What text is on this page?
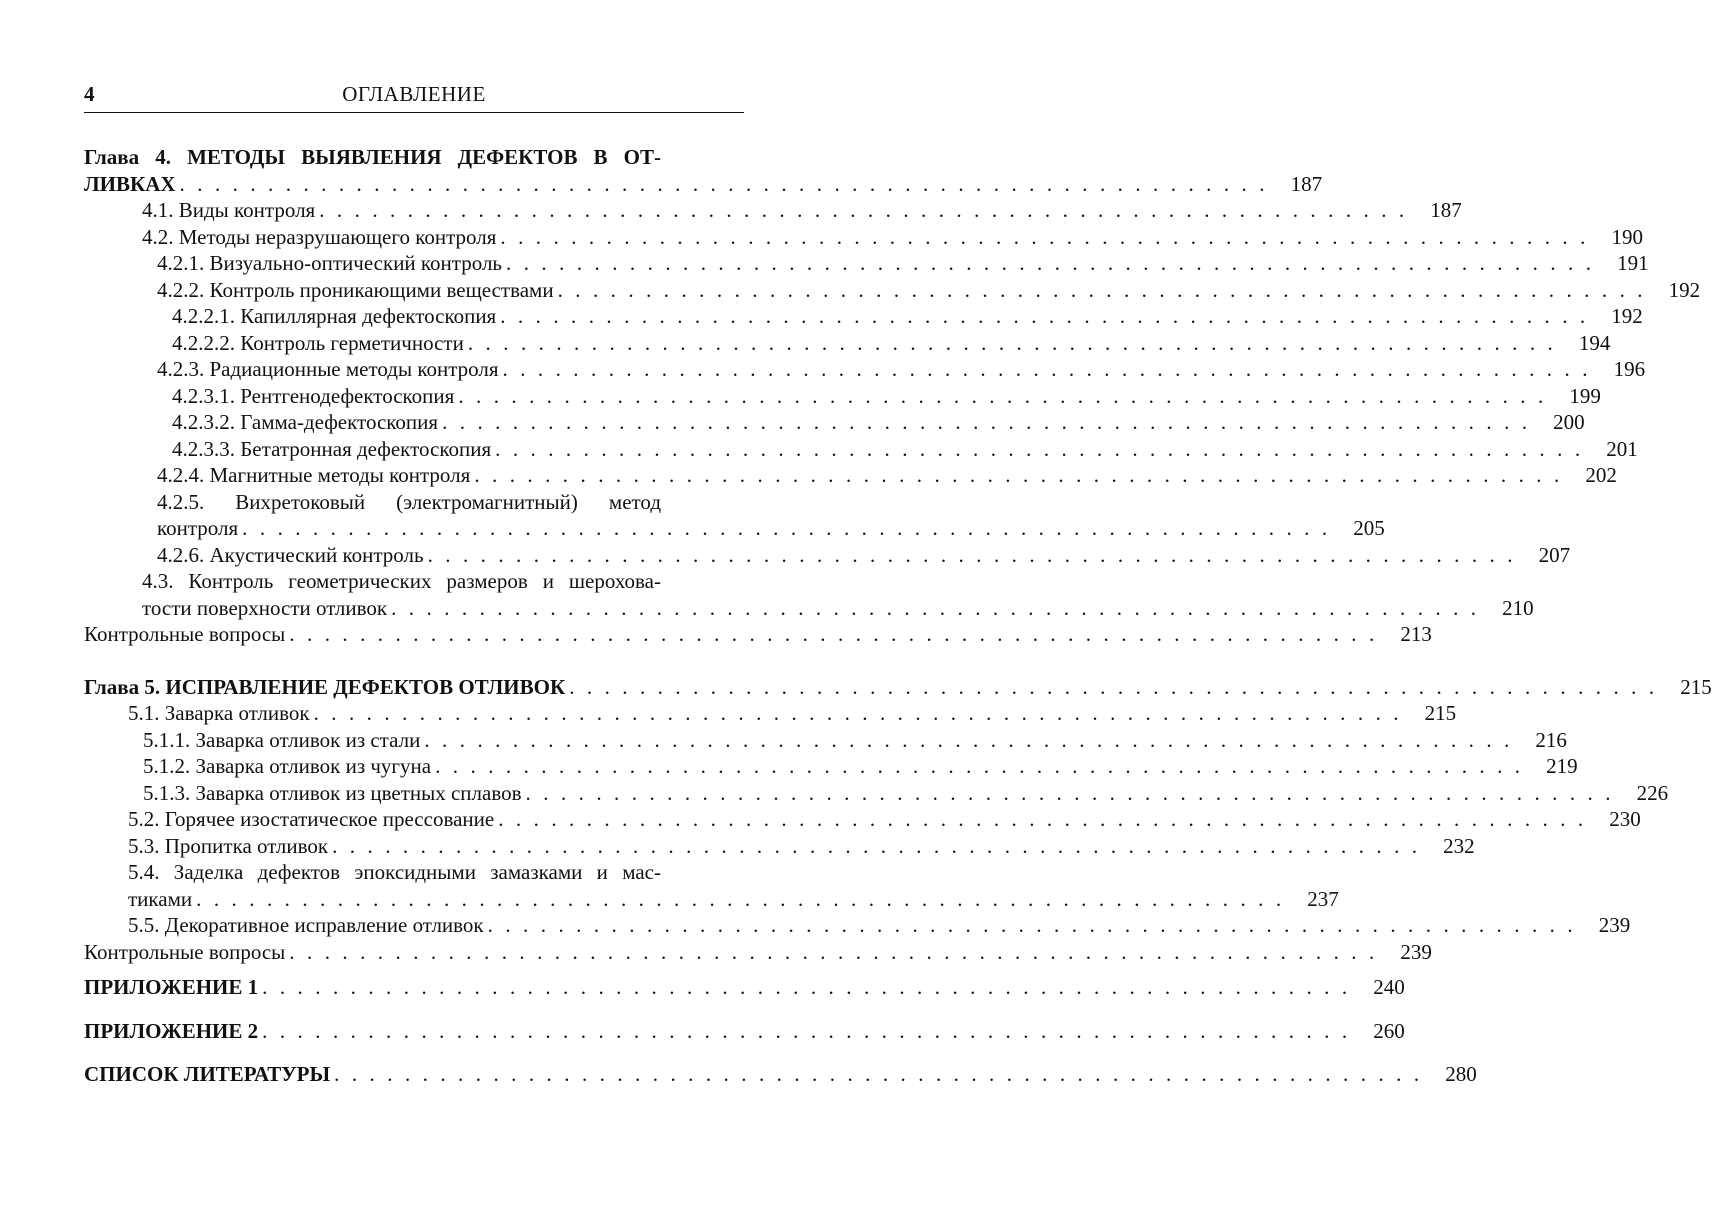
4	ОГЛАВЛЕНИЕ
Глава 4. МЕТОДЫ ВЫЯВЛЕНИЯ ДЕФЕКТОВ В ОТ-
ЛИВКАХ . . . . . . . . . . . . . . . . . . . . . . . . . . . . . . . . . . . . . . . . . . . . . . . . . . . . . . . . . . . . . .	187
4.1. Виды контроля . . . . . . . . . . . . . . . . . . . . . . . . . . . . . . . . . . . . . . . . . . . . . . . . . . . . . . . . . . . . . .	187
4.2. Методы неразрушающего контроля . . . . . . . . . . . . . . . . . . . . . . . . . . . . . . . . . . . . . . . . . . . . . . . . . . . . . . . . . . . . . .	190
4.2.1. Визуально-оптический контроль . . . . . . . . . . . . . . . . . . . . . . . . . . . . . . . . . . . . . . . . . . . . . . . . . . . . . . . . . . . . . .	191
4.2.2. Контроль проникающими веществами . . . . . . . . . . . . . . . . . . . . . . . . . . . . . . . . . . . . . . . . . . . . . . . . . . . . . . . . . . . . . .	192
4.2.2.1. Капиллярная дефектоскопия . . . . . . . . . . . . . . . . . . . . . . . . . . . . . . . . . . . . . . . . . . . . . . . . . . . . . . . . . . . . . .	192
4.2.2.2. Контроль герметичности . . . . . . . . . . . . . . . . . . . . . . . . . . . . . . . . . . . . . . . . . . . . . . . . . . . . . . . . . . . . . .	194
4.2.3. Радиационные методы контроля . . . . . . . . . . . . . . . . . . . . . . . . . . . . . . . . . . . . . . . . . . . . . . . . . . . . . . . . . . . . . .	196
4.2.3.1. Рентгенодефектоскопия . . . . . . . . . . . . . . . . . . . . . . . . . . . . . . . . . . . . . . . . . . . . . . . . . . . . . . . . . . . . . .	199
4.2.3.2. Гамма-дефектоскопия . . . . . . . . . . . . . . . . . . . . . . . . . . . . . . . . . . . . . . . . . . . . . . . . . . . . . . . . . . . . . .	200
4.2.3.3. Бетатронная дефектоскопия . . . . . . . . . . . . . . . . . . . . . . . . . . . . . . . . . . . . . . . . . . . . . . . . . . . . . . . . . . . . . .	201
4.2.4. Магнитные методы контроля . . . . . . . . . . . . . . . . . . . . . . . . . . . . . . . . . . . . . . . . . . . . . . . . . . . . . . . . . . . . . .	202
4.2.5. Вихретоковый (электромагнитный) метод
контроля . . . . . . . . . . . . . . . . . . . . . . . . . . . . . . . . . . . . . . . . . . . . . . . . . . . . . . . . . . . . . .	205
4.2.6. Акустический контроль . . . . . . . . . . . . . . . . . . . . . . . . . . . . . . . . . . . . . . . . . . . . . . . . . . . . . . . . . . . . . .	207
4.3. Контроль геометрических размеров и шерохова-
тости поверхности отливок . . . . . . . . . . . . . . . . . . . . . . . . . . . . . . . . . . . . . . . . . . . . . . . . . . . . . . . . . . . . . .	210
Контрольные вопросы . . . . . . . . . . . . . . . . . . . . . . . . . . . . . . . . . . . . . . . . . . . . . . . . . . . . . . . . . . . . . .	213
Глава 5. ИСПРАВЛЕНИЕ ДЕФЕКТОВ ОТЛИВОК . . . . . . . . . . . . . . . . . . . . . . . . . . . . . . . . . . . . . . . . . . . . . . . . . . . . . . . . . . . . . .	215
5.1. Заварка отливок . . . . . . . . . . . . . . . . . . . . . . . . . . . . . . . . . . . . . . . . . . . . . . . . . . . . . . . . . . . . . .	215
5.1.1. Заварка отливок из стали . . . . . . . . . . . . . . . . . . . . . . . . . . . . . . . . . . . . . . . . . . . . . . . . . . . . . . . . . . . . . .	216
5.1.2. Заварка отливок из чугуна . . . . . . . . . . . . . . . . . . . . . . . . . . . . . . . . . . . . . . . . . . . . . . . . . . . . . . . . . . . . . .	219
5.1.3. Заварка отливок из цветных сплавов . . . . . . . . . . . . . . . . . . . . . . . . . . . . . . . . . . . . . . . . . . . . . . . . . . . . . . . . . . . . . .	226
5.2. Горячее изостатическое прессование . . . . . . . . . . . . . . . . . . . . . . . . . . . . . . . . . . . . . . . . . . . . . . . . . . . . . . . . . . . . . .	230
5.3. Пропитка отливок . . . . . . . . . . . . . . . . . . . . . . . . . . . . . . . . . . . . . . . . . . . . . . . . . . . . . . . . . . . . . .	232
5.4. Заделка дефектов эпоксидными замазками и мас-
тиками . . . . . . . . . . . . . . . . . . . . . . . . . . . . . . . . . . . . . . . . . . . . . . . . . . . . . . . . . . . . . .	237
5.5. Декоративное исправление отливок . . . . . . . . . . . . . . . . . . . . . . . . . . . . . . . . . . . . . . . . . . . . . . . . . . . . . . . . . . . . . .	239
Контрольные вопросы . . . . . . . . . . . . . . . . . . . . . . . . . . . . . . . . . . . . . . . . . . . . . . . . . . . . . . . . . . . . . .	239
ПРИЛОЖЕНИЕ 1 . . . . . . . . . . . . . . . . . . . . . . . . . . . . . . . . . . . . . . . . . . . . . . . . . . . . . . . . . . . . . .	240
ПРИЛОЖЕНИЕ 2 . . . . . . . . . . . . . . . . . . . . . . . . . . . . . . . . . . . . . . . . . . . . . . . . . . . . . . . . . . . . . .	260
СПИСОК ЛИТЕРАТУРЫ . . . . . . . . . . . . . . . . . . . . . . . . . . . . . . . . . . . . . . . . . . . . . . . . . . . . . . . . . . . . . .	280
